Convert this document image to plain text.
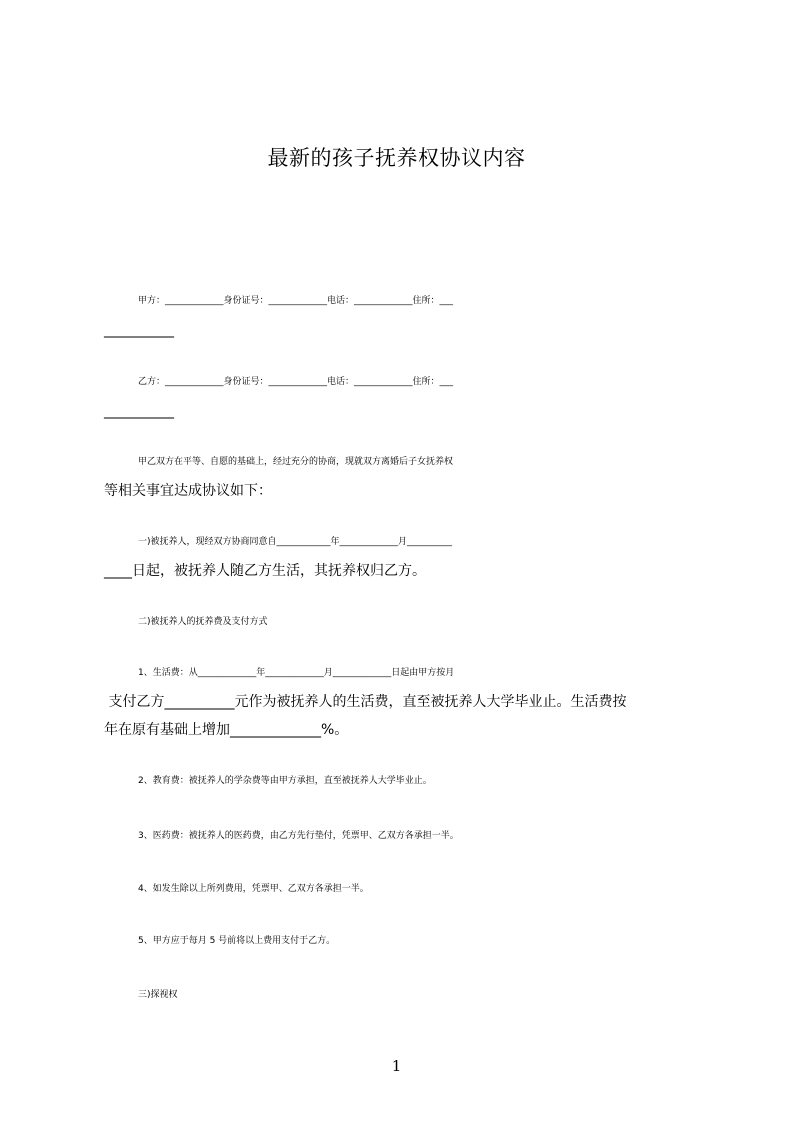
最新的孩子抚养权协议内容
甲方：_____________身份证号：_____________电话：_____________住所：___
__________
乙方：_____________身份证号：_____________电话：_____________住所：___
__________
甲乙双方在平等、自愿的基础上，经过充分的协商，现就双方离婚后子女抚养权
等相关事宜达成协议如下：
一)被抚养人，现经双方协商同意自____________年_____________月__________
____日起，被抚养人随乙方生活，其抚养权归乙方。
二)被抚养人的抚养费及支付方式
1、生活费：从_____________年_____________月_____________日起由甲方按月
支付乙方__________元作为被抚养人的生活费，直至被抚养人大学毕业止。生活费按
年在原有基础上增加_____________%。
2、教育费：被抚养人的学杂费等由甲方承担，直至被抚养人大学毕业止。
3、医药费：被抚养人的医药费，由乙方先行垫付，凭票甲、乙双方各承担一半。
4、如发生除以上所列费用，凭票甲、乙双方各承担一半。
5、甲方应于每月 5 号前将以上费用支付于乙方。
三)探视权
1
